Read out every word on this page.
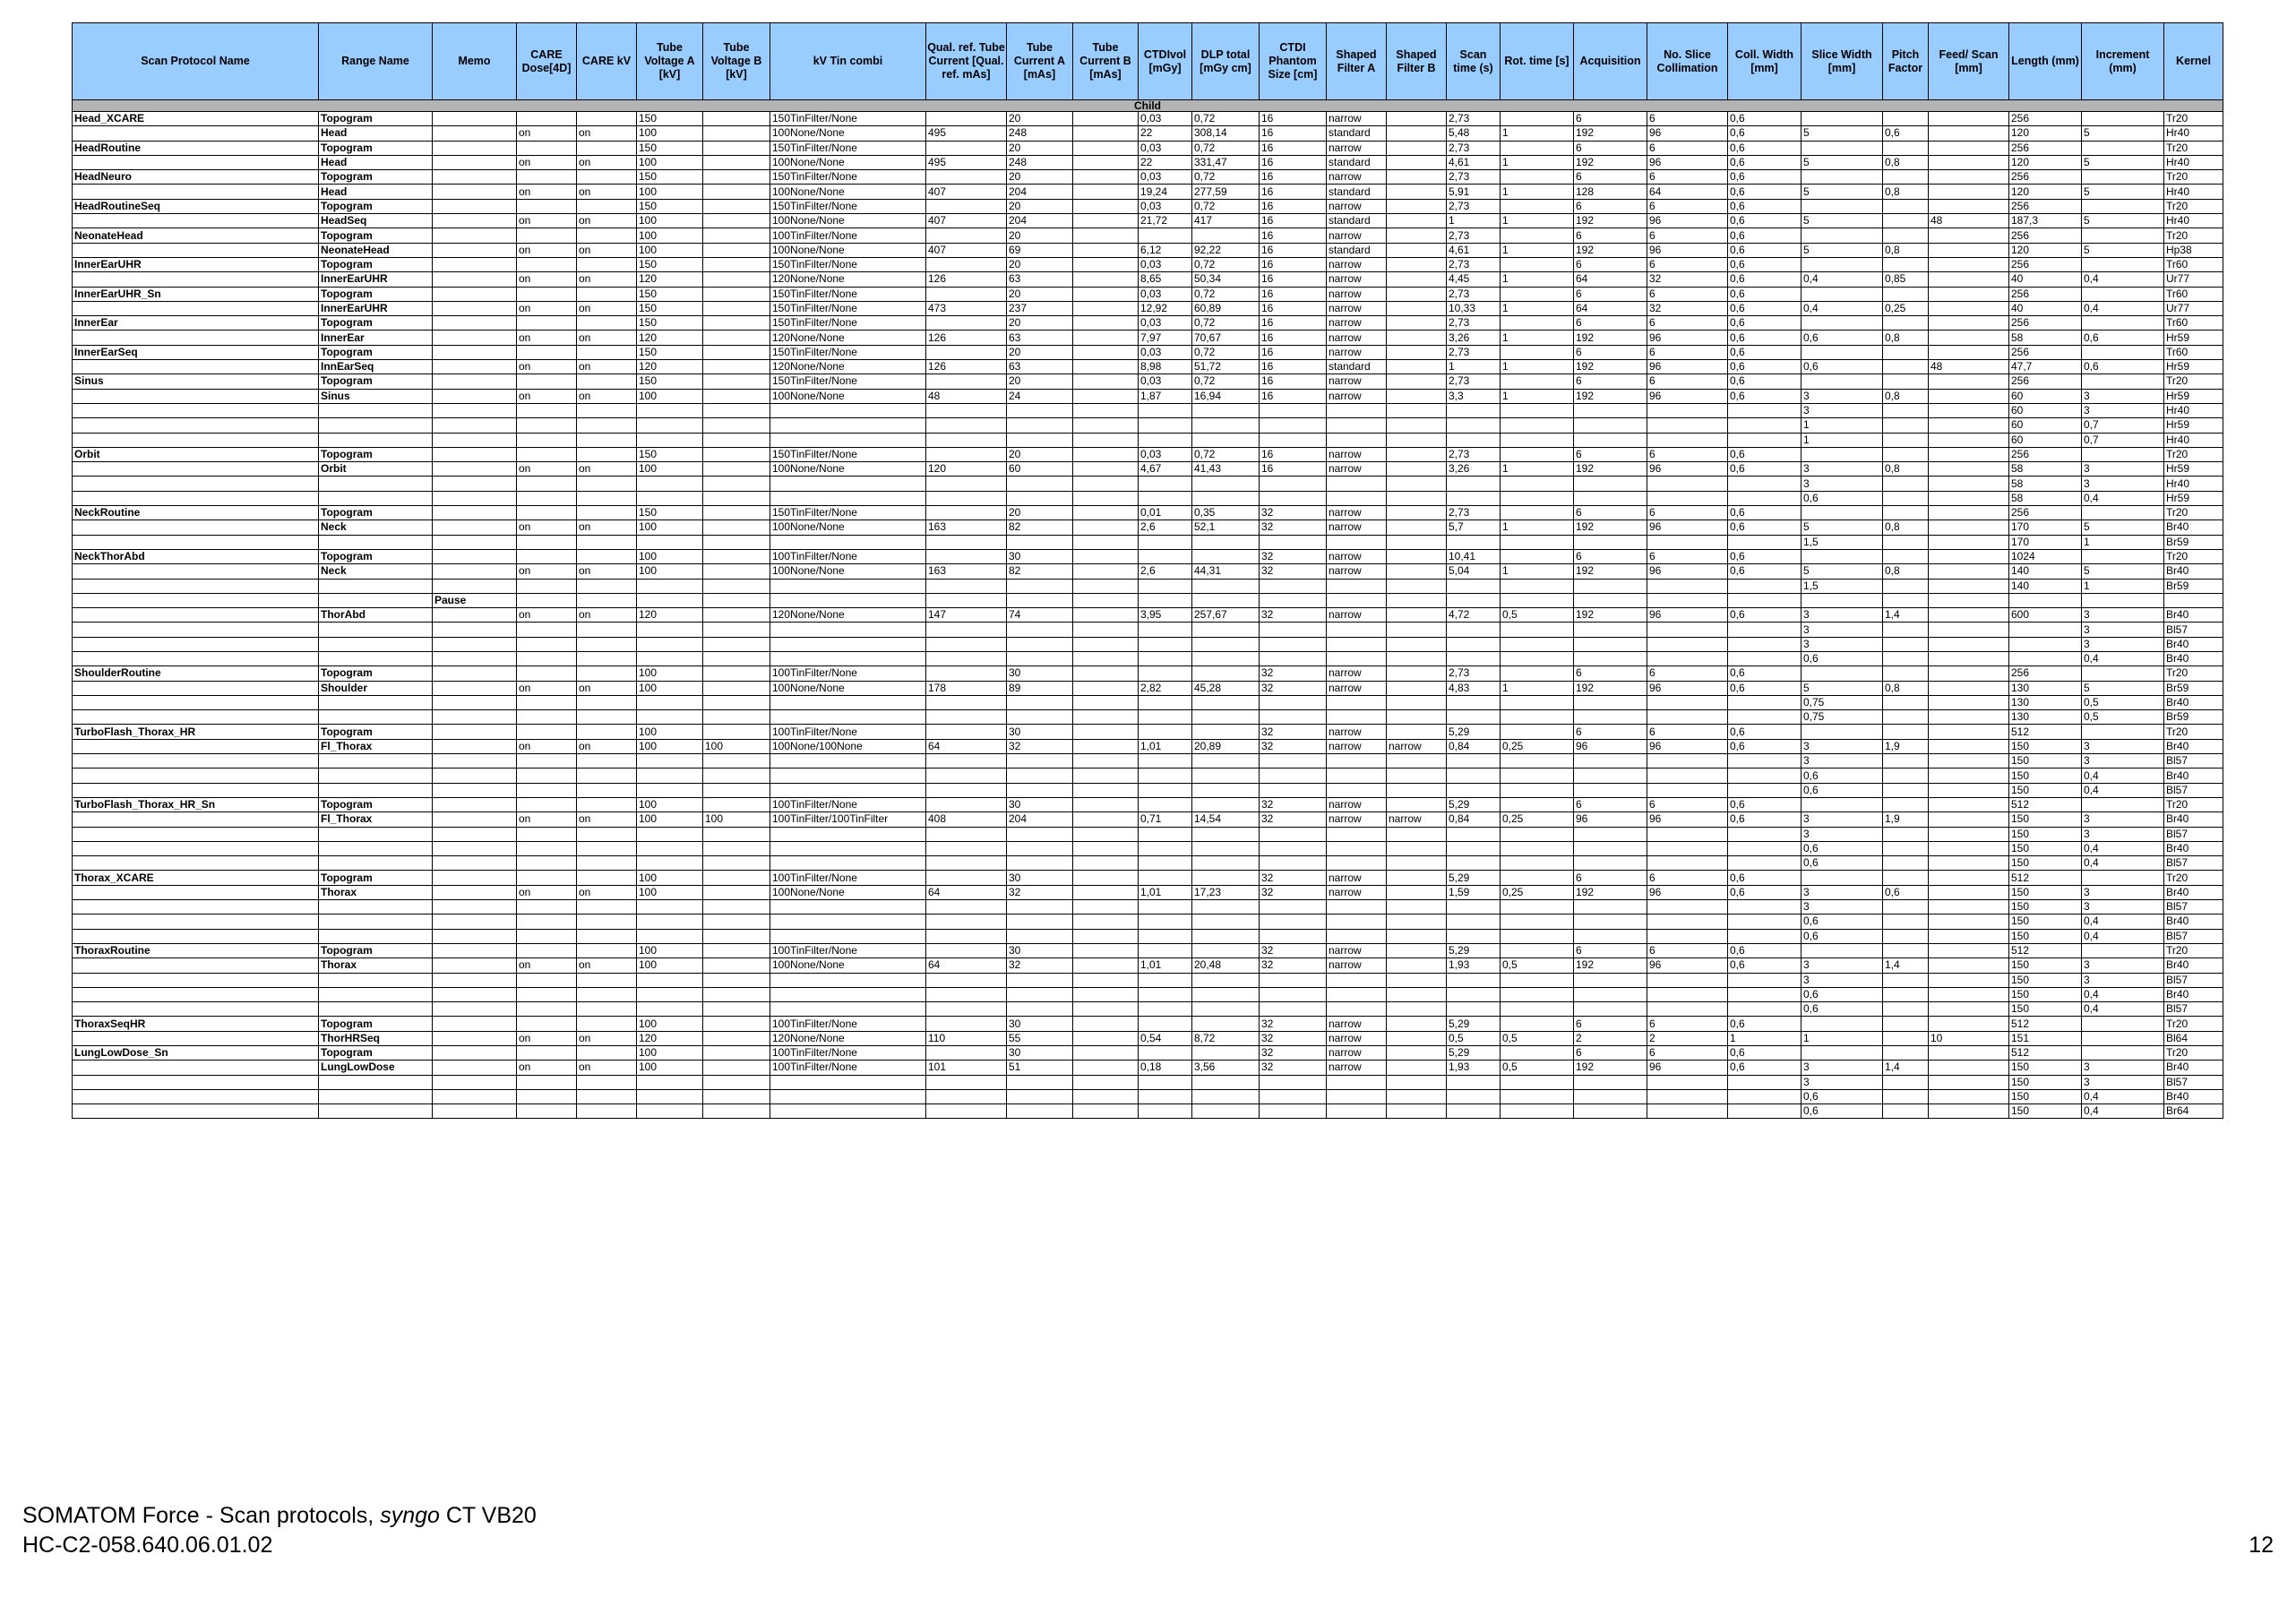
Scan Protocol Name	Range Name	Memo	CARE Dose[4D]	CARE kV	Tube Voltage A [kV]	Tube Voltage B [kV]	kV Tin combi	Qual. ref. Tube Current [Qual. ref. mAs]	Tube Current A [mAs]	Tube Current B [mAs]	CTDIvol [mGy]	DLP total [mGy cm]	CTDI Phantom Size [cm]	Shaped Filter A	Shaped Filter B	Scan time (s)	Rot. time [s]	Acquisition	No. Slice Collimation	Coll. Width [mm]	Slice Width [mm]	Pitch Factor	Feed/ Scan [mm]	Length (mm)	Increment (mm)	Kernel
Child																										
Head_XCARE	Topogram				150		150TinFilter/None		20		0,03	0,72	16	narrow		2,73		6	6	0,6				256		Tr20
	Head		on	on	100		100None/None	495	248		22	308,14	16	standard		5,48	1	192	96	0,6	5	0,6		120	5	Hr40
HeadRoutine	Topogram				150		150TinFilter/None		20		0,03	0,72	16	narrow		2,73		6	6	0,6				256		Tr20
	Head		on	on	100		100None/None	495	248		22	331,47	16	standard		4,61	1	192	96	0,6	5	0,8		120	5	Hr40
HeadNeuro	Topogram				150		150TinFilter/None		20		0,03	0,72	16	narrow		2,73		6	6	0,6				256		Tr20
	Head		on	on	100		100None/None	407	204		19,24	277,59	16	standard		5,91	1	128	64	0,6	5	0,8		120	5	Hr40
HeadRoutineSeq	Topogram				150		150TinFilter/None		20		0,03	0,72	16	narrow		2,73		6	6	0,6				256		Tr20
	HeadSeq		on	on	100		100None/None	407	204		21,72	417	16	standard		1	1	192	96	0,6	5		48	187,3	5	Hr40
NeonateHead	Topogram				100		100TinFilter/None		20				16	narrow		2,73		6	6	0,6				256		Tr20
	NeonateHead		on	on	100		100None/None	407	69		6,12	92,22	16	standard		4,61	1	192	96	0,6	5	0,8		120	5	Hp38
InnerEarUHR	Topogram				150		150TinFilter/None		20		0,03	0,72	16	narrow		2,73		6	6	0,6				256		Tr60
	InnerEarUHR		on	on	120		120None/None	126	63		8,65	50,34	16	narrow		4,45	1	64	32	0,6	0,4	0,85		40	0,4	Ur77
InnerEarUHR_Sn	Topogram				150		150TinFilter/None		20		0,03	0,72	16	narrow		2,73		6	6	0,6				256		Tr60
	InnerEarUHR		on	on	150		150TinFilter/None	473	237		12,92	60,89	16	narrow		10,33	1	64	32	0,6	0,4	0,25		40	0,4	Ur77
InnerEar	Topogram				150		150TinFilter/None		20		0,03	0,72	16	narrow		2,73		6	6	0,6				256		Tr60
	InnerEar		on	on	120		120None/None	126	63		7,97	70,67	16	narrow		3,26	1	192	96	0,6	0,6	0,8		58	0,6	Hr59
InnerEarSeq	Topogram				150		150TinFilter/None		20		0,03	0,72	16	narrow		2,73		6	6	0,6				256		Tr60
	InnEarSeq		on	on	120		120None/None	126	63		8,98	51,72	16	standard		1	1	192	96	0,6	0,6		48	47,7	0,6	Hr59
Sinus	Topogram				150		150TinFilter/None		20		0,03	0,72	16	narrow		2,73		6	6	0,6				256		Tr20
	Sinus		on	on	100		100None/None	48	24		1,87	16,94	16	narrow		3,3	1	192	96	0,6	3	0,8		60	3	Hr59
																					3			60	3	Hr40
																					1			60	0,7	Hr59
																					1			60	0,7	Hr40
Orbit	Topogram				150		150TinFilter/None		20		0,03	0,72	16	narrow		2,73		6	6	0,6				256		Tr20
	Orbit		on	on	100		100None/None	120	60		4,67	41,43	16	narrow		3,26	1	192	96	0,6	3	0,8		58	3	Hr59
																					3			58	3	Hr40
																					0,6			58	0,4	Hr59
NeckRoutine	Topogram				150		150TinFilter/None		20		0,01	0,35	32	narrow		2,73		6	6	0,6				256		Tr20
	Neck		on	on	100		100None/None	163	82		2,6	52,1	32	narrow		5,7	1	192	96	0,6	5	0,8		170	5	Br40
																					1,5			170	1	Br59
NeckThorAbd	Topogram				100		100TinFilter/None		30				32	narrow		10,41		6	6	0,6				1024		Tr20
	Neck		on	on	100		100None/None	163	82		2,6	44,31	32	narrow		5,04	1	192	96	0,6	5	0,8		140	5	Br40
																					1,5			140	1	Br59
		Pause																								
	ThorAbd		on	on	120		120None/None	147	74		3,95	257,67	32	narrow		4,72	0,5	192	96	0,6	3	1,4		600	3	Br40
																					3				3	Bl57
																					3				3	Br40
																					0,6				0,4	Br40
ShoulderRoutine	Topogram				100		100TinFilter/None		30				32	narrow		2,73		6	6	0,6				256		Tr20
	Shoulder		on	on	100		100None/None	178	89		2,82	45,28	32	narrow		4,83	1	192	96	0,6	5	0,8		130	5	Br59
																					0,75			130	0,5	Br40
																					0,75			130	0,5	Br59
TurboFlash_Thorax_HR	Topogram				100		100TinFilter/None		30				32	narrow		5,29		6	6	0,6				512		Tr20
	Fl_Thorax		on	on	100	100	100None/100None	64	32		1,01	20,89	32	narrow	narrow	0,84	0,25	96	96	0,6	3	1,9		150	3	Br40
																					3			150	3	Bl57
																					0,6			150	0,4	Br40
																					0,6			150	0,4	Bl57
TurboFlash_Thorax_HR_Sn	Topogram				100		100TinFilter/None		30				32	narrow		5,29		6	6	0,6				512		Tr20
	Fl_Thorax		on	on	100	100	100TinFilter/100TinFilter	408	204		0,71	14,54	32	narrow	narrow	0,84	0,25	96	96	0,6	3	1,9		150	3	Br40
																					3			150	3	Bl57
																					0,6			150	0,4	Br40
																					0,6			150	0,4	Bl57
Thorax_XCARE	Topogram				100		100TinFilter/None		30				32	narrow		5,29		6	6	0,6				512		Tr20
	Thorax		on	on	100		100None/None	64	32		1,01	17,23	32	narrow		1,59	0,25	192	96	0,6	3	0,6		150	3	Br40
																					3			150	3	Bl57
																					0,6			150	0,4	Br40
																					0,6			150	0,4	Bl57
ThoraxRoutine	Topogram				100		100TinFilter/None		30				32	narrow		5,29		6	6	0,6				512		Tr20
	Thorax		on	on	100		100None/None	64	32		1,01	20,48	32	narrow		1,93	0,5	192	96	0,6	3	1,4		150	3	Br40
																					3			150	3	Bl57
																					0,6			150	0,4	Br40
																					0,6			150	0,4	Bl57
ThoraxSeqHR	Topogram				100		100TinFilter/None		30				32	narrow		5,29		6	6	0,6				512		Tr20
	ThorHRSeq		on	on	120		120None/None	110	55		0,54	8,72	32	narrow		0,5	0,5	2	2	1	1		10	151		Bl64
LungLowDose_Sn	Topogram				100		100TinFilter/None		30				32	narrow		5,29		6	6	0,6				512		Tr20
	LungLowDose		on	on	100		100TinFilter/None	101	51		0,18	3,56	32	narrow		1,93	0,5	192	96	0,6	3	1,4		150	3	Br40
																					3			150	3	Bl57
																					0,6			150	0,4	Br40
																					0,6			150	0,4	Br64
SOMATOM Force - Scan protocols, syngo CT VB20
HC-C2-058.640.06.01.02	12
